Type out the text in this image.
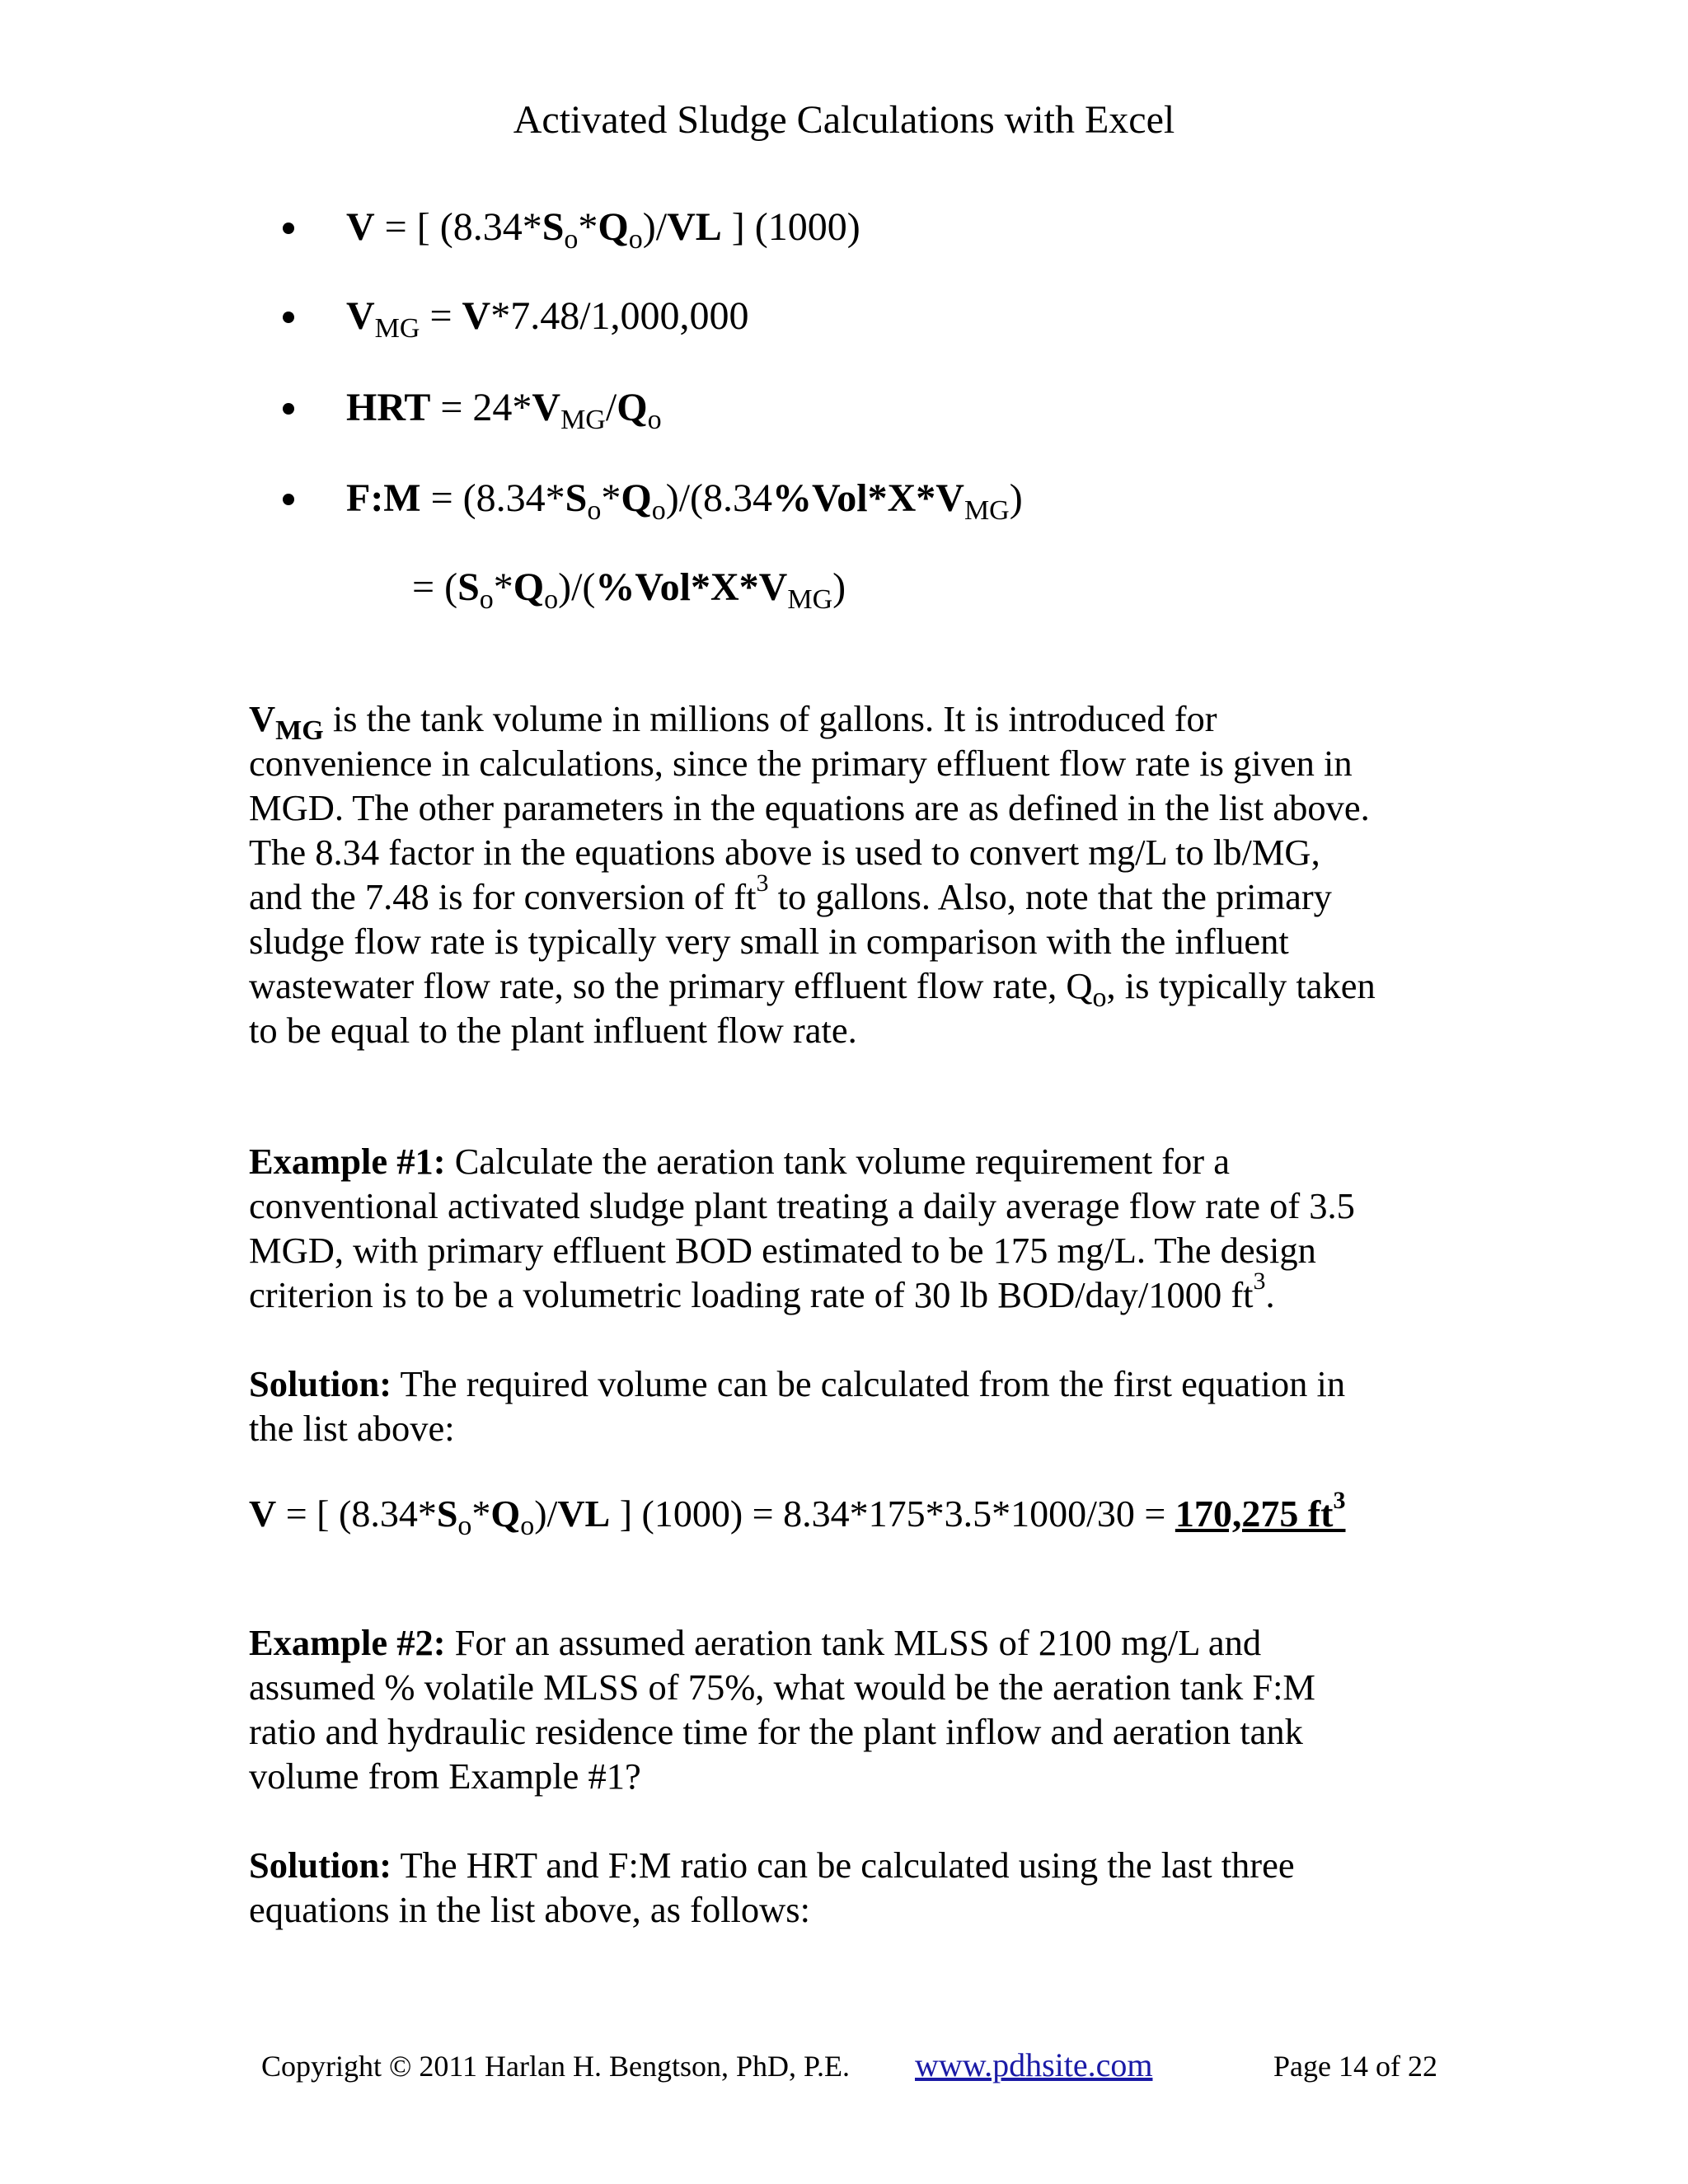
Activated Sludge Calculations with Excel
V = [ $(8.34*S_o*Q_o)/VL$ ] (1000)
$V_{MG} = V*7.48/1,000,000$
HRT = $24*V_{MG}/Q_o$
F:M = $(8.34*S_o*Q_o)/(8.34\%Vol*X*V_{MG})$
= $(S_o*Q_o)/(\%Vol*X*V_{MG})$
$V_{MG}$ is the tank volume in millions of gallons. It is introduced for
convenience in calculations, since the primary effluent flow rate is given in
MGD. The other parameters in the equations are as defined in the list above.
The 8.34 factor in the equations above is used to convert mg/L to lb/MG,
and the 7.48 is for conversion of $ft^3$ to gallons. Also, note that the primary
sludge flow rate is typically very small in comparison with the influent
wastewater flow rate, so the primary effluent flow rate, $Q_o$, is typically taken
to be equal to the plant influent flow rate.
Example #1: Calculate the aeration tank volume requirement for a
conventional activated sludge plant treating a daily average flow rate of 3.5
MGD, with primary effluent BOD estimated to be 175 mg/L. The design
criterion is to be a volumetric loading rate of 30 lb BOD/day/1000 $ft^3$.
Solution: The required volume can be calculated from the first equation in
the list above:
V = [ $(8.34*S_o*Q_o)/VL$ ] (1000) = 8.34*175*3.5*1000/30 = 170,275 $ft^3$
Example #2: For an assumed aeration tank MLSS of 2100 mg/L and
assumed % volatile MLSS of 75%, what would be the aeration tank F:M
ratio and hydraulic residence time for the plant inflow and aeration tank
volume from Example #1?
Solution: The HRT and F:M ratio can be calculated using the last three
equations in the list above, as follows:
Copyright © 2011 Harlan H. Bengtson, PhD, P.E. www.pdhsite.com	Page 14 of 22
